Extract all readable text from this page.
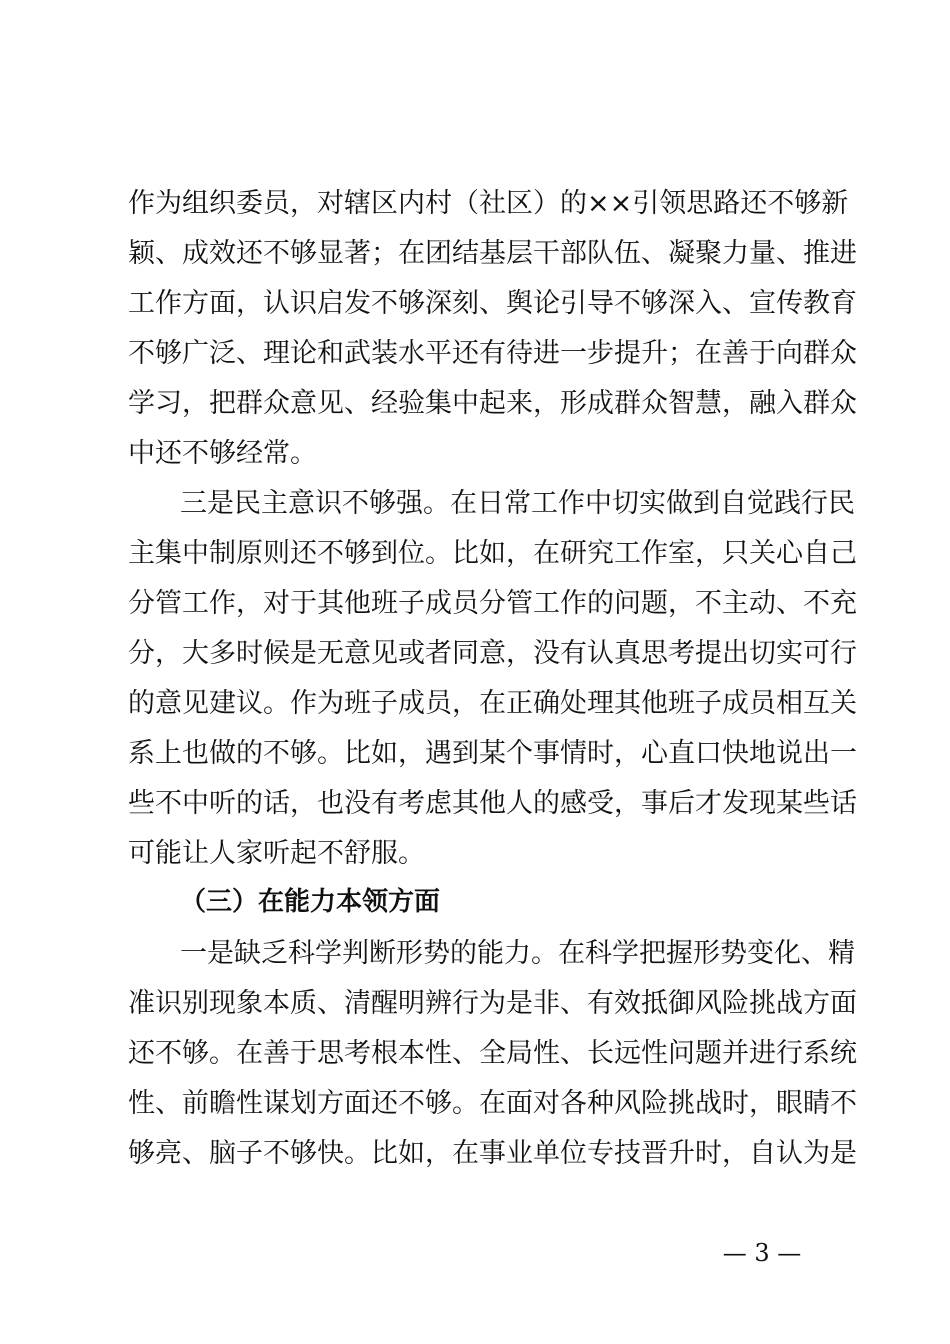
作为组织委员，对辖区内村（社区）的××引领思路还不够新
颖、成效还不够显著；在团结基层干部队伍、凝聚力量、推进
工作方面，认识启发不够深刻、舆论引导不够深入、宣传教育
不够广泛、理论和武装水平还有待进一步提升；在善于向群众
学习，把群众意见、经验集中起来，形成群众智慧，融入群众
中还不够经常。
三是民主意识不够强。在日常工作中切实做到自觉践行民
主集中制原则还不够到位。比如，在研究工作室，只关心自己
分管工作，对于其他班子成员分管工作的问题，不主动、不充
分，大多时候是无意见或者同意，没有认真思考提出切实可行
的意见建议。作为班子成员，在正确处理其他班子成员相互关
系上也做的不够。比如，遇到某个事情时，心直口快地说出一
些不中听的话，也没有考虑其他人的感受，事后才发现某些话
可能让人家听起不舒服。
（三）在能力本领方面
一是缺乏科学判断形势的能力。在科学把握形势变化、精
准识别现象本质、清醒明辨行为是非、有效抵御风险挑战方面
还不够。在善于思考根本性、全局性、长远性问题并进行系统
性、前瞻性谋划方面还不够。在面对各种风险挑战时，眼睛不
够亮、脑子不够快。比如，在事业单位专技晋升时，自认为是
— 3 —
